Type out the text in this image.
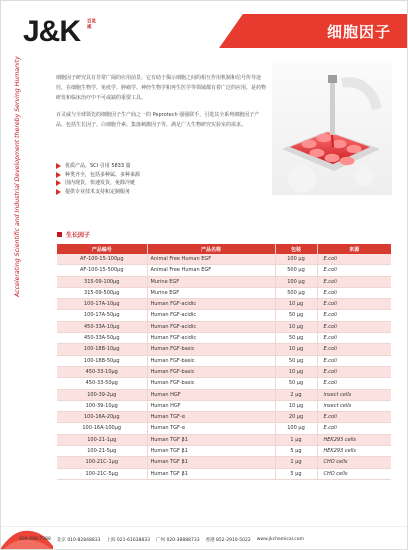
J&K 百灵威	细胞因子
Accelerating Scientific and Industrial Development thereby Serving Humanity	细胞因子研究具有非常广阔的应用前景，它有助于揭示细胞之间的相互作用机制和信号传导途径，在细胞生物学、免疫学、肿瘤学、神经生物学和再生医学等领域都有着广泛的应用，是药物研发和临床治疗中不可或缺的重要工具。

百灵威与全球领先的细胞因子生产商之一的 Peprotech 强强联手，引进其全系列细胞因子产品，包括生长因子、白细胞介素、集落刺激因子等，满足广大生物研究实验室的需求。

优质产品，SCI 引用 5833 篇
种类齐全，包括多种属、多种来源
国内现货，快速发货，免除冷链
提供专业技术支持和定制服务
生长因子
产品编号	产品名称	包装	来源
AF-100-15-100μg	Animal Free Human EGF	100 μg	E.coli
AF-100-15-500μg	Animal Free Human EGF	500 μg	E.coli
315-09-100μg	Murine EGF	100 μg	E.coli
315-09-500μg	Murine EGF	500 μg	E.coli
100-17A-10μg	Human FGF-acidic	10 μg	E.coli
100-17A-50μg	Human FGF-acidic	50 μg	E.coli
450-33A-10μg	Human FGF-acidic	10 μg	E.coli
450-33A-50μg	Human FGF-acidic	50 μg	E.coli
100-18B-10μg	Human FGF-basic	10 μg	E.coli
100-18B-50μg	Human FGF-basic	50 μg	E.coli
450-33-10μg	Human FGF-basic	10 μg	E.coli
450-33-50μg	Human FGF-basic	50 μg	E.coli
100-39-2μg	Human HGF	2 μg	insect cells
100-39-10μg	Human HGF	10 μg	insect cells
100-16A-20μg	Human TGF-α	20 μg	E.coli
100-16A-100μg	Human TGF-α	100 μg	E.coli
100-21-1μg	Human TGF β1	1 μg	HEK293 cells
100-21-5μg	Human TGF β1	5 μg	HEK293 cells
100-21C-1μg	Human TGF β1	1 μg	CHO cells
100-21C-5μg	Human TGF β1	5 μg	CHO cells
400-666-7788 北京 010-82848833 上海 021-61638833 广州 020-38888733 香港 852-2910-5022 www.jkchemical.com
